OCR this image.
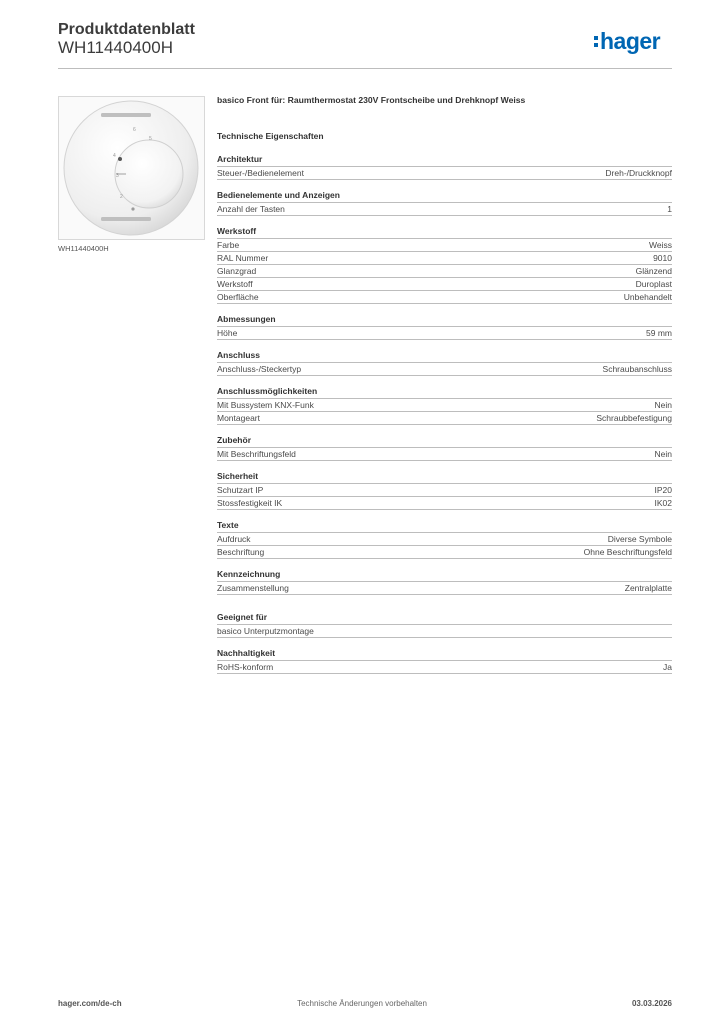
Produktdatenblatt
WH11440400H	hager
6
5
4
3
2
WH11440400H
basico Front für: Raumthermostat 230V Frontscheibe und Drehknopf Weiss
Technische Eigenschaften
Architektur
Steuer-/Bedienelement	Dreh-/Druckknopf
Bedienelemente und Anzeigen
Anzahl der Tasten	1
Werkstoff
Farbe	Weiss
RAL Nummer	9010
Glanzgrad	Glänzend
Werkstoff	Duroplast
Oberfläche	Unbehandelt
Abmessungen
Höhe	59 mm
Anschluss
Anschluss-/Steckertyp	Schraubanschluss
Anschlussmöglichkeiten
Mit Bussystem KNX-Funk	Nein
Montageart	Schraubbefestigung
Zubehör
Mit Beschriftungsfeld	Nein
Sicherheit
Schutzart IP	IP20
Stossfestigkeit IK	IK02
Texte
Aufdruck	Diverse Symbole
Beschriftung	Ohne Beschriftungsfeld
Kennzeichnung
Zusammenstellung	Zentralplatte
Geeignet für
basico Unterputzmontage
Nachhaltigkeit
RoHS-konform	Ja
hager.com/de-ch	Technische Änderungen vorbehalten	03.03.2026
